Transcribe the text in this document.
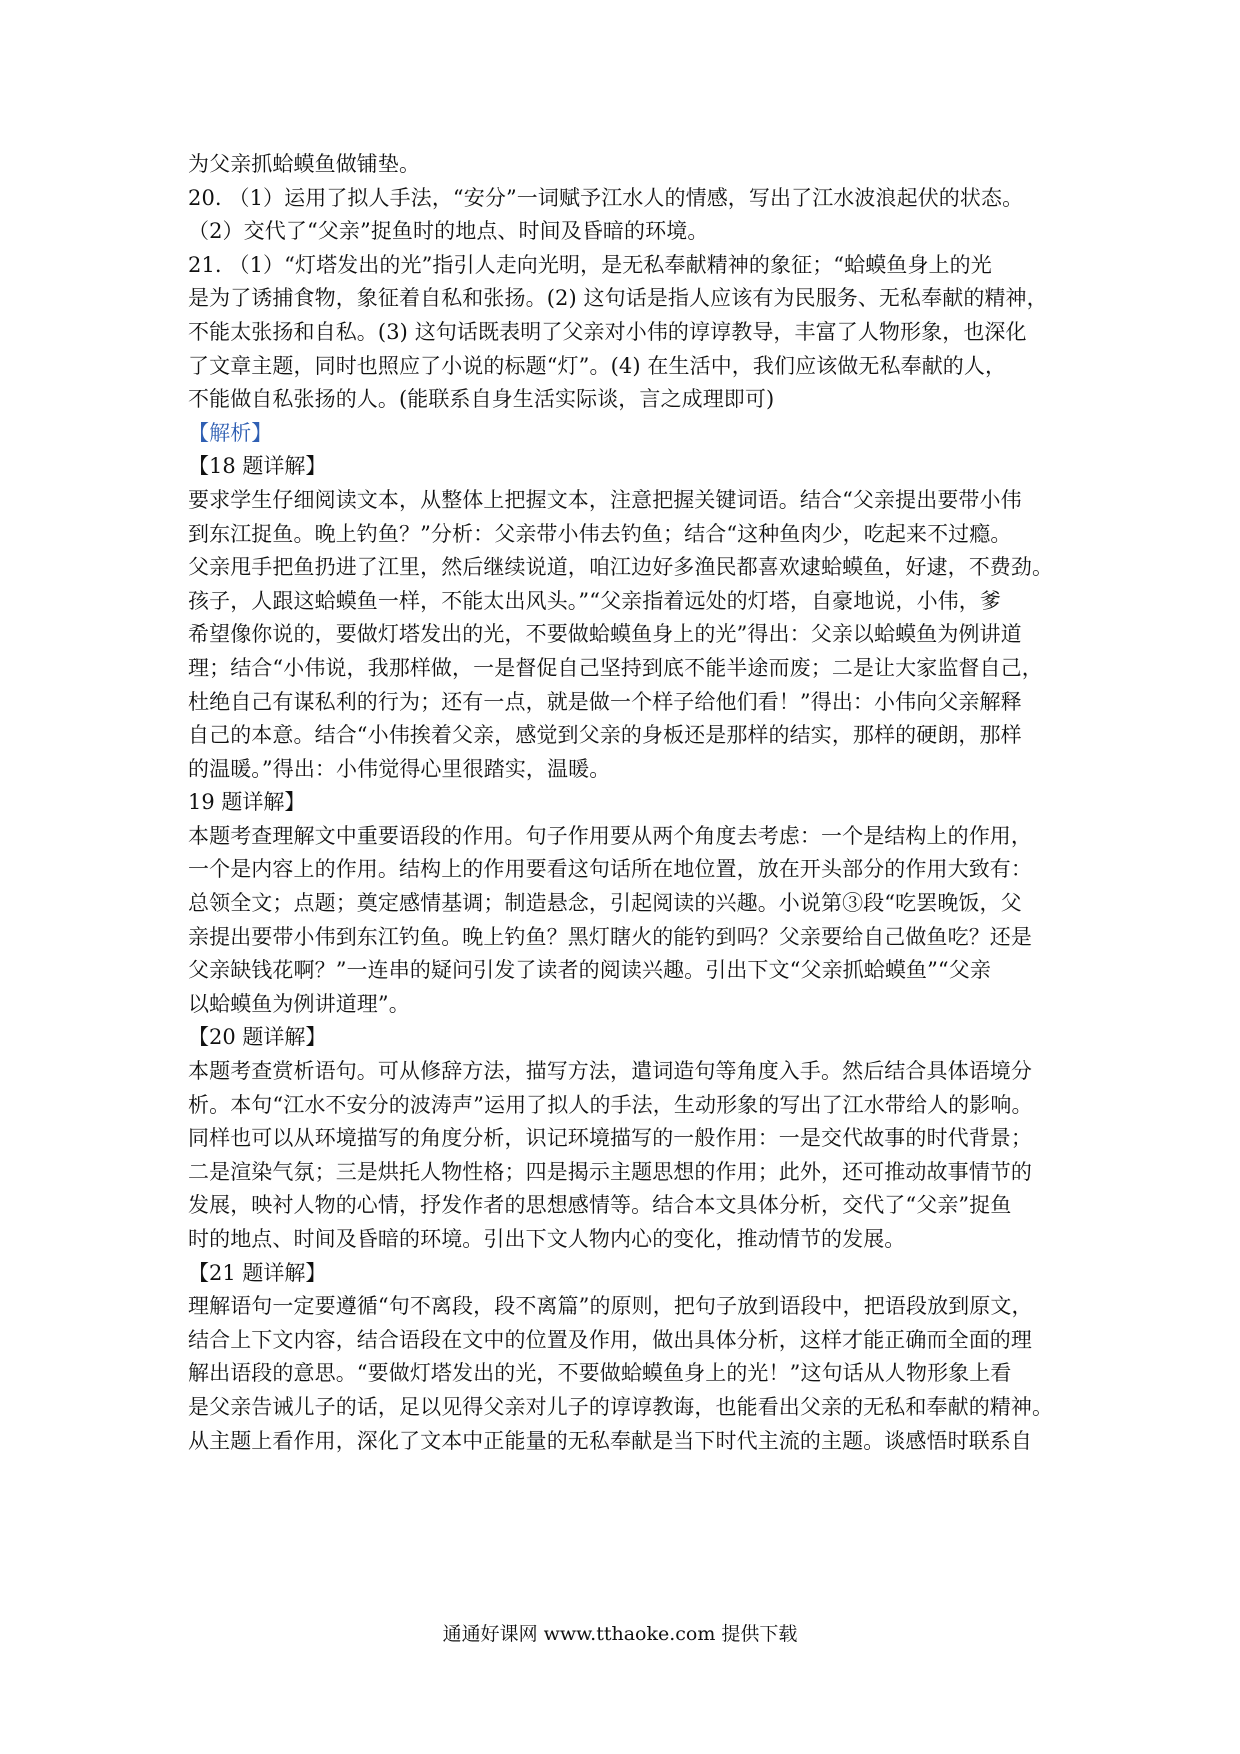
为父亲抓蛤蟆鱼做铺垫。
20. （1）运用了拟人手法，“安分”一词赋予江水人的情感，写出了江水波浪起伏的状态。
（2）交代了“父亲”捉鱼时的地点、时间及昏暗的环境。
21. （1）“灯塔发出的光”指引人走向光明，是无私奉献精神的象征；“蛤蟆鱼身上的光
是为了诱捕食物，象征着自私和张扬。(2) 这句话是指人应该有为民服务、无私奉献的精神，
不能太张扬和自私。(3) 这句话既表明了父亲对小伟的谆谆教导，丰富了人物形象，也深化
了文章主题，同时也照应了小说的标题“灯”。(4) 在生活中，我们应该做无私奉献的人，
不能做自私张扬的人。(能联系自身生活实际谈，言之成理即可)
【解析】
【18 题详解】
要求学生仔细阅读文本，从整体上把握文本，注意把握关键词语。结合“父亲提出要带小伟
到东江捉鱼。晚上钓鱼？”分析：父亲带小伟去钓鱼；结合“这种鱼肉少，吃起来不过瘾。
父亲甩手把鱼扔进了江里，然后继续说道，咱江边好多渔民都喜欢逮蛤蟆鱼，好逮，不费劲。
孩子，人跟这蛤蟆鱼一样，不能太出风头。”“父亲指着远处的灯塔，自豪地说，小伟，爹
希望像你说的，要做灯塔发出的光，不要做蛤蟆鱼身上的光”得出：父亲以蛤蟆鱼为例讲道
理；结合“小伟说，我那样做，一是督促自己坚持到底不能半途而废；二是让大家监督自己，
杜绝自己有谋私利的行为；还有一点，就是做一个样子给他们看！”得出：小伟向父亲解释
自己的本意。结合“小伟挨着父亲，感觉到父亲的身板还是那样的结实，那样的硬朗，那样
的温暖。”得出：小伟觉得心里很踏实，温暖。
19 题详解】
本题考查理解文中重要语段的作用。句子作用要从两个角度去考虑：一个是结构上的作用，
一个是内容上的作用。结构上的作用要看这句话所在地位置，放在开头部分的作用大致有：
总领全文；点题；奠定感情基调；制造悬念，引起阅读的兴趣。小说第③段“吃罢晚饭，父
亲提出要带小伟到东江钓鱼。晚上钓鱼？黑灯瞎火的能钓到吗？父亲要给自己做鱼吃？还是
父亲缺钱花啊？”一连串的疑问引发了读者的阅读兴趣。引出下文“父亲抓蛤蟆鱼”“父亲
以蛤蟆鱼为例讲道理”。
【20 题详解】
本题考查赏析语句。可从修辞方法，描写方法，遣词造句等角度入手。然后结合具体语境分
析。本句“江水不安分的波涛声”运用了拟人的手法，生动形象的写出了江水带给人的影响。
同样也可以从环境描写的角度分析，识记环境描写的一般作用：一是交代故事的时代背景；
二是渲染气氛；三是烘托人物性格；四是揭示主题思想的作用；此外，还可推动故事情节的
发展，映衬人物的心情，抒发作者的思想感情等。结合本文具体分析，交代了“父亲”捉鱼
时的地点、时间及昏暗的环境。引出下文人物内心的变化，推动情节的发展。
【21 题详解】
理解语句一定要遵循“句不离段，段不离篇”的原则，把句子放到语段中，把语段放到原文，
结合上下文内容，结合语段在文中的位置及作用，做出具体分析，这样才能正确而全面的理
解出语段的意思。“要做灯塔发出的光，不要做蛤蟆鱼身上的光！”这句话从人物形象上看
是父亲告诫儿子的话，足以见得父亲对儿子的谆谆教诲，也能看出父亲的无私和奉献的精神。
从主题上看作用，深化了文本中正能量的无私奉献是当下时代主流的主题。谈感悟时联系自
通通好课网 www.tthaoke.com 提供下载
